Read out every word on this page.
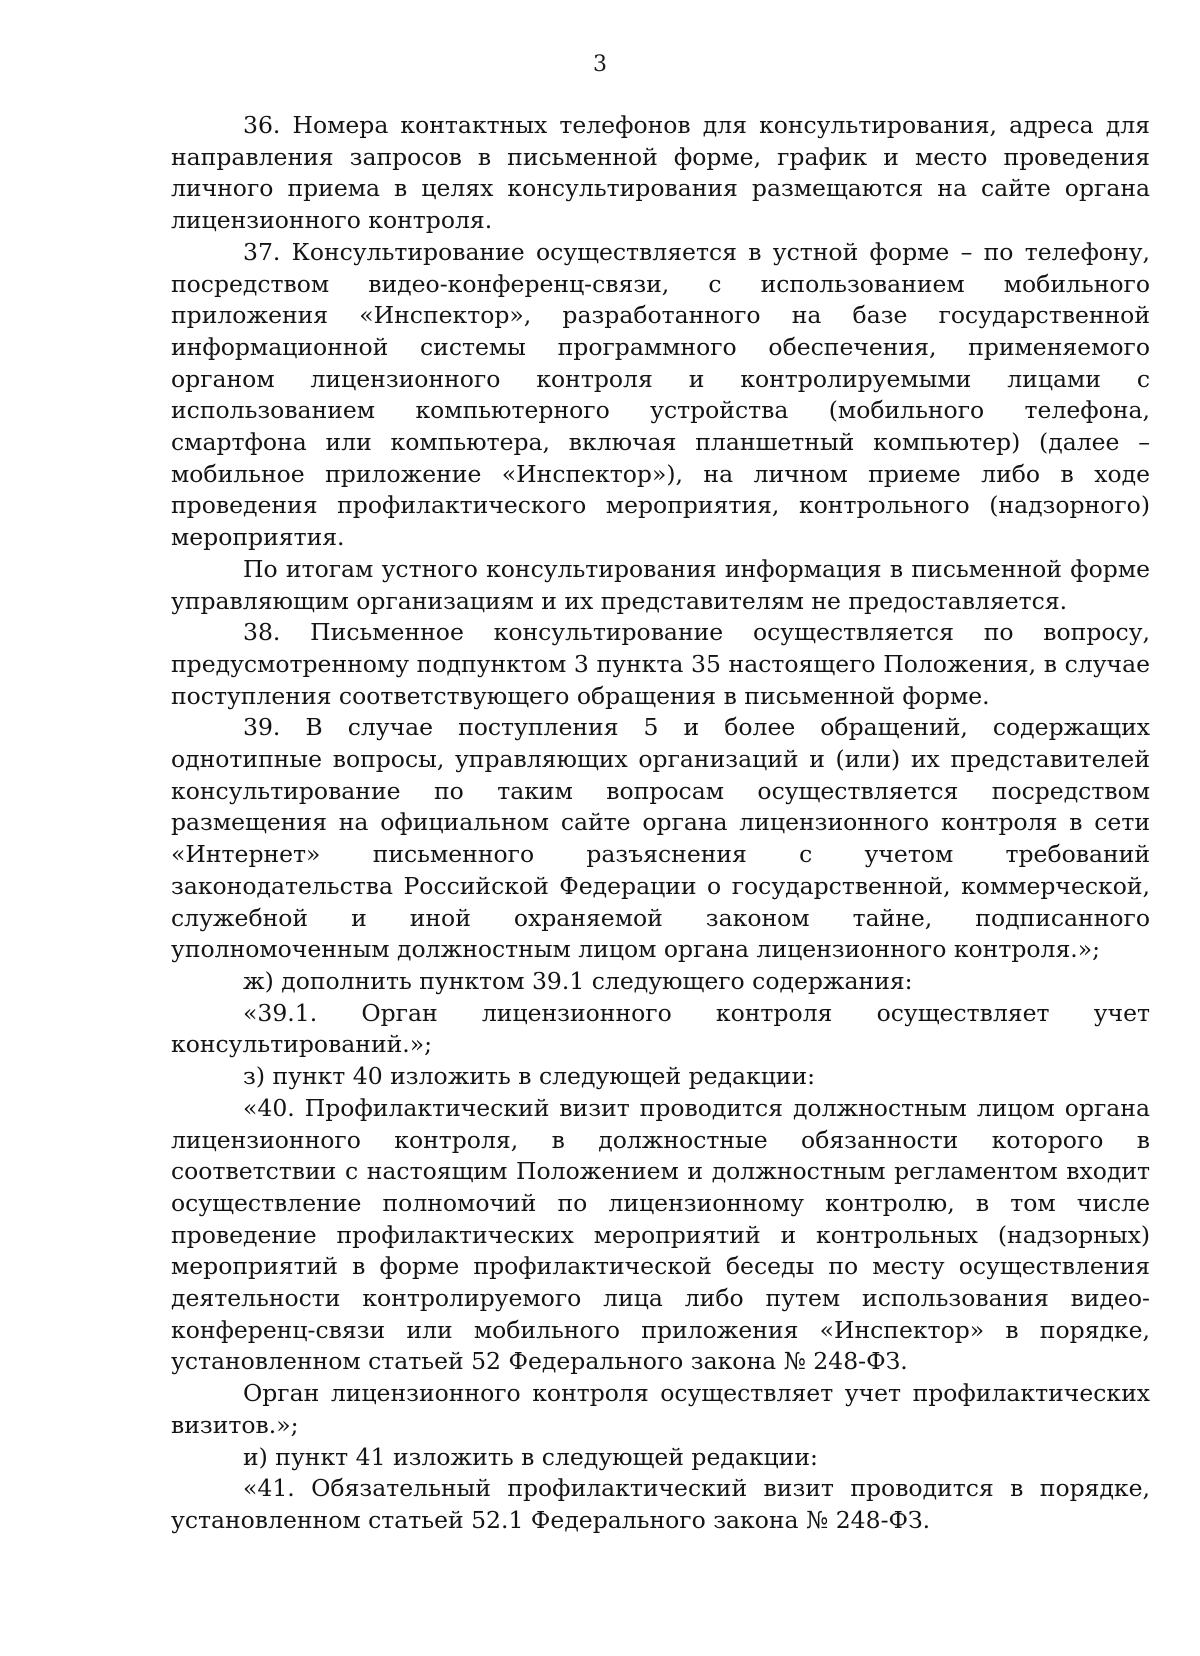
3

36. Номера контактных телефонов для консультирования, адреса для направления запросов в письменной форме, график и место проведения личного приема в целях консультирования размещаются на сайте органа лицензионного контроля.

37. Консультирование осуществляется в устной форме – по телефону, посредством видео-конференц-связи, с использованием мобильного приложения «Инспектор», разработанного на базе государственной информационной системы программного обеспечения, применяемого органом лицензионного контроля и контролируемыми лицами с использованием компьютерного устройства (мобильного телефона, смартфона или компьютера, включая планшетный компьютер) (далее – мобильное приложение «Инспектор»), на личном приеме либо в ходе проведения профилактического мероприятия, контрольного (надзорного) мероприятия.

По итогам устного консультирования информация в письменной форме управляющим организациям и их представителям не предоставляется.

38. Письменное консультирование осуществляется по вопросу, предусмотренному подпунктом 3 пункта 35 настоящего Положения, в случае поступления соответствующего обращения в письменной форме.

39. В случае поступления 5 и более обращений, содержащих однотипные вопросы, управляющих организаций и (или) их представителей консультирование по таким вопросам осуществляется посредством размещения на официальном сайте органа лицензионного контроля в сети «Интернет» письменного разъяснения с учетом требований законодательства Российской Федерации о государственной, коммерческой, служебной и иной охраняемой законом тайне, подписанного уполномоченным должностным лицом органа лицензионного контроля.»;

ж) дополнить пунктом 39.1 следующего содержания:

«39.1. Орган лицензионного контроля осуществляет учет консультирований.»;

з) пункт 40 изложить в следующей редакции:

«40. Профилактический визит проводится должностным лицом органа лицензионного контроля, в должностные обязанности которого в соответствии с настоящим Положением и должностным регламентом входит осуществление полномочий по лицензионному контролю, в том числе проведение профилактических мероприятий и контрольных (надзорных) мероприятий в форме профилактической беседы по месту осуществления деятельности контролируемого лица либо путем использования видео-конференц-связи или мобильного приложения «Инспектор» в порядке, установленном статьей 52 Федерального закона № 248-ФЗ.

Орган лицензионного контроля осуществляет учет профилактических визитов.»;

и) пункт 41 изложить в следующей редакции:

«41. Обязательный профилактический визит проводится в порядке, установленном статьей 52.1 Федерального закона № 248-ФЗ.
